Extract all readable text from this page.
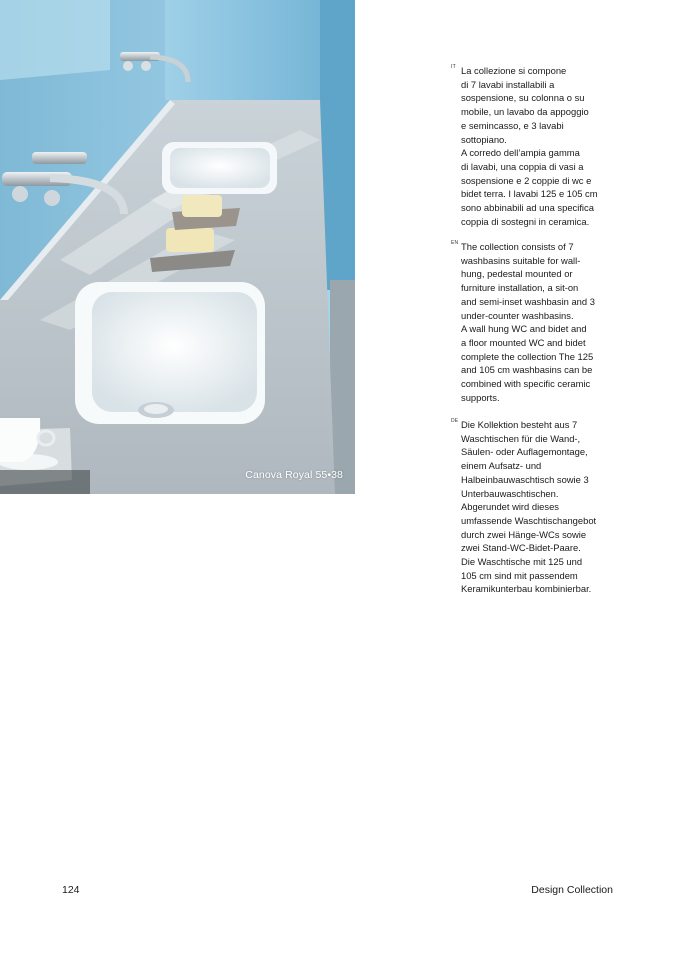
Canova Royal 55•38
IT La collezione si compone
di 7 lavabi installabili a
sospensione, su colonna o su
mobile, un lavabo da appoggio
e semincasso, e 3 lavabi
sottopiano.
A corredo dell’ampia gamma
di lavabi, una coppia di vasi a
sospensione e 2 coppie di wc e
bidet terra. I lavabi 125 e 105 cm
sono abbinabili ad una specifica
coppia di sostegni in ceramica.

EN The collection consists of 7
washbasins suitable for wall-
hung, pedestal mounted or
furniture installation, a sit-on
and semi-inset washbasin and 3
under-counter washbasins.
A wall hung WC and bidet and
a floor mounted WC and bidet
complete the collection The 125
and 105 cm washbasins can be
combined with specific ceramic
supports.

DE Die Kollektion besteht aus 7
Waschtischen für die Wand-,
Säulen- oder Auflagemontage,
einem Aufsatz- und
Halbeinbauwaschtisch sowie 3
Unterbauwaschtischen.
Abgerundet wird dieses
umfassende Waschtischangebot
durch zwei Hänge-WCs sowie
zwei Stand-WC-Bidet-Paare.
Die Waschtische mit 125 und
105 cm sind mit passendem
Keramikunterbau kombinierbar.

124	Design Collection
